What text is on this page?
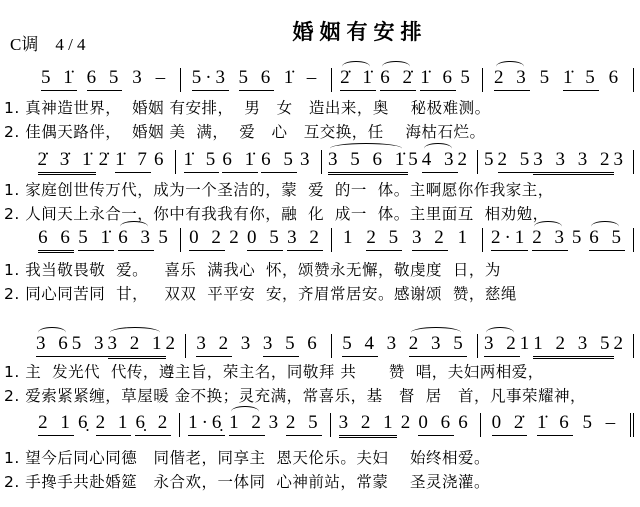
C调    4 / 4
婚姻有安排
5 1̇ 6 5 3 – 5·3 5 6 1̇ – 2̇ 1̇ 6 2̇ 1̇ 6 5 2 3 5 1̇ 5 6
1. 真神造世界，  婚姻 有安排，  男   女   造出来，奥    秘极难测。
2. 佳偶天路伴，  婚姻 美  满，  爱   心   互交换，任    海枯石烂。
2̇ 3̇ 1̇ 2̇ 1̇ 7 6 1̇ 5 6 1̇ 6 5 3 3 5 6 1̇ 5 4 3 2 5 2 5 3 3 3 2 3
1. 家庭创世传万代，成为一个圣洁的，蒙  爱  的一  体。主啊愿你作我家主，
2. 人间天上永合一，你中有我我有你，融  化  成一  体。主里面互  相劝勉，
6 6 5 1̇ 6 3 5 0 2 2 0 5 3 2 1 2 5 3 2 1 2·1 2 3 5 6 5
1. 我当敬畏敬  爱。   喜乐  满我心  怀，颂赞永无懈，敬虔度  日，为
2. 同心同苦同  甘，   双双  平平安  安，齐眉常居安。感谢颂  赞，慈绳
3 6 5 3 3 2 1 2 3 2 3 3 5 6 5 4 3 2 3 5 3 2 1 1 2 3 5 2
1. 主  发光代  代传，遵主旨，荣主名，同敬拜 共      赞  唱，夫妇两相爱，
2. 爱索紧紧缠，草屋暖 金不换；灵充满，常喜乐，基   督  居   首，凡事荣耀神，
2 1 6̣ 2 1 6̣ 2 1·6̣ 1 2 3 2 5 3 2 1 2 0 6 6 0 2̇ 1̇ 6 5 –
1. 望今后同心同德   同偕老，同享主  恩天伦乐。夫妇    始终相爱。
2. 手搀手共赴婚筵   永合欢，一体同  心神前站，常蒙    圣灵浇灌。
